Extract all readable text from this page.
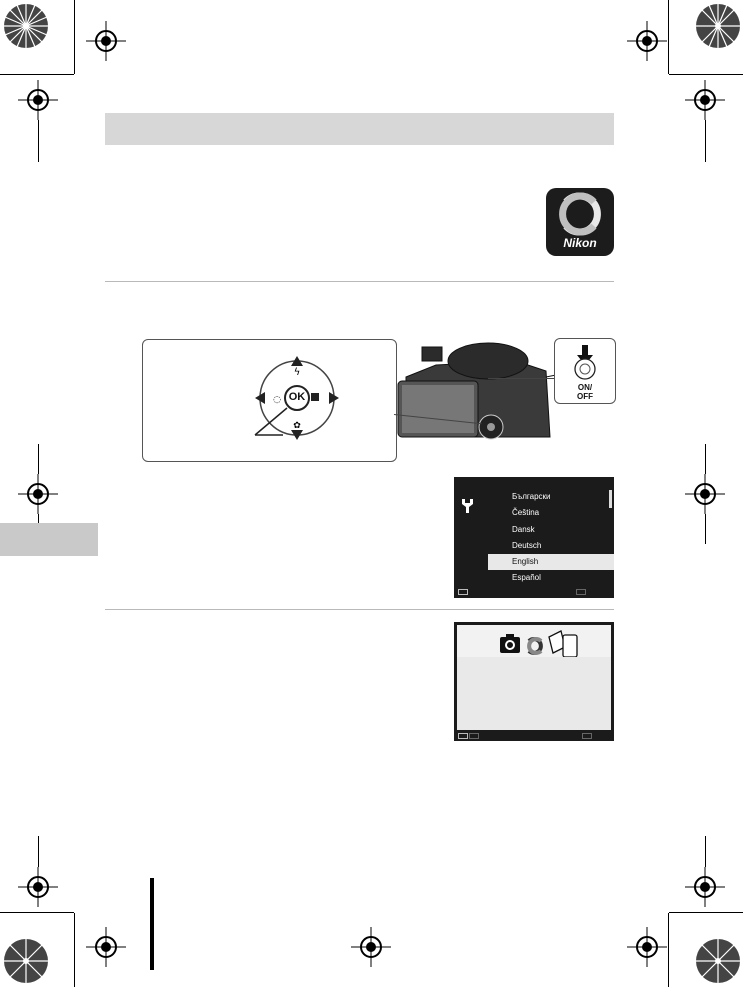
Nikon
ϟ
✿
◌ OK
ON/
OFF
Български
Čeština
Dansk
Deutsch
English
Español
